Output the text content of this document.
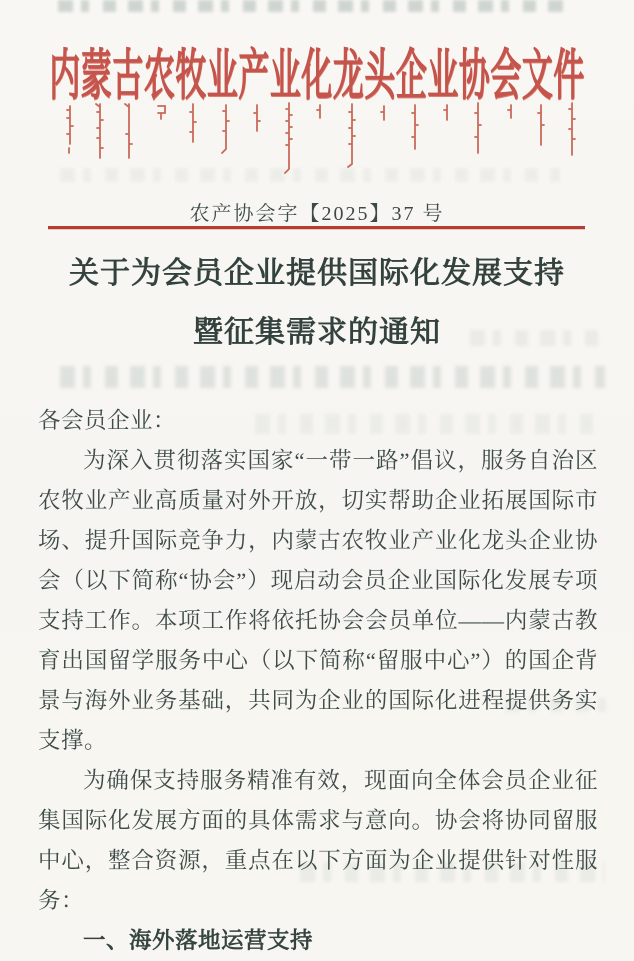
内蒙古农牧业产业化龙头企业协会文件
农产协会字【2025】37 号
关于为会员企业提供国际化发展支持
暨征集需求的通知

各会员企业：

为深入贯彻落实国家“一带一路”倡议，服务自治区农牧业产业高质量对外开放，切实帮助企业拓展国际市场、提升国际竞争力，内蒙古农牧业产业化龙头企业协会（以下简称“协会”）现启动会员企业国际化发展专项支持工作。本项工作将依托协会会员单位——内蒙古教育出国留学服务中心（以下简称“留服中心”）的国企背景与海外业务基础，共同为企业的国际化进程提供务实支撑。

为确保支持服务精准有效，现面向全体会员企业征集国际化发展方面的具体需求与意向。协会将协同留服中心，整合资源，重点在以下方面为企业提供针对性服务：

一、海外落地运营支持
